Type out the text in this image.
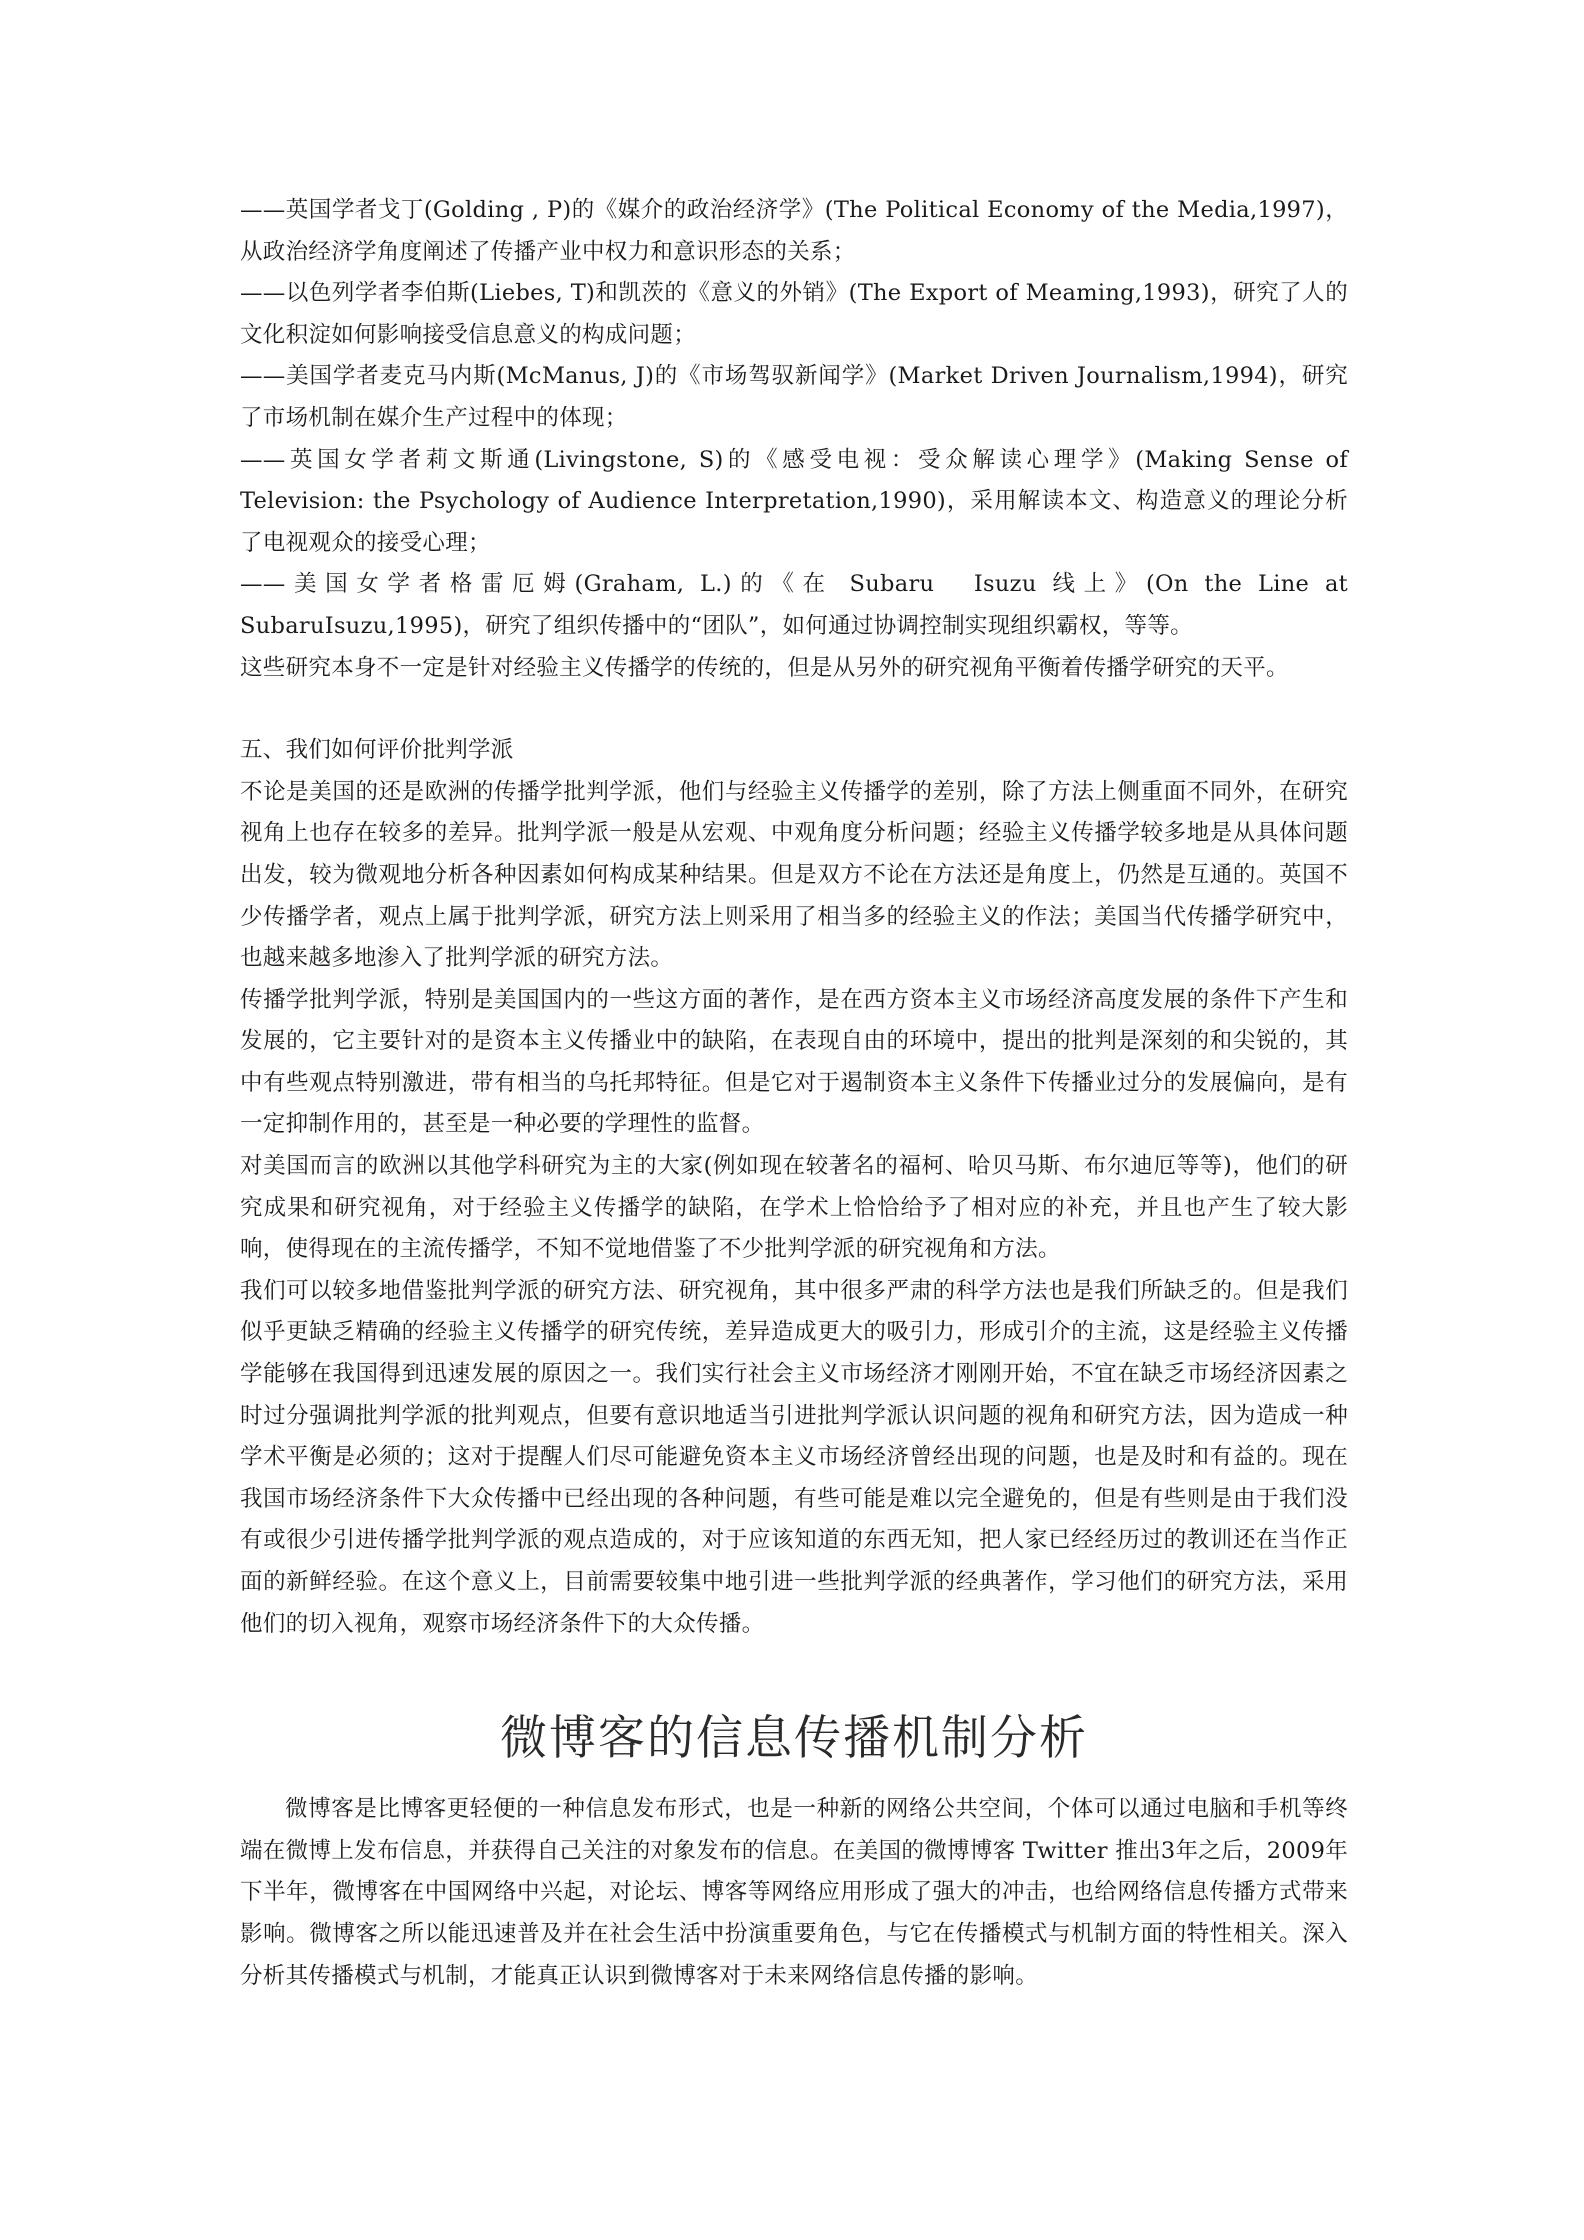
——英国学者戈丁(Golding , P)的《媒介的政治经济学》(The Political Economy of the Media,1997)，从政治经济学角度阐述了传播产业中权力和意识形态的关系；

——以色列学者李伯斯(Liebes, T)和凯茨的《意义的外销》(The Export of Meaming,1993)，研究了人的文化积淀如何影响接受信息意义的构成问题；

——美国学者麦克马内斯(McManus, J)的《市场驾驭新闻学》(Market Driven Journalism,1994)，研究了市场机制在媒介生产过程中的体现；

——英国女学者莉文斯通(Livingstone, S)的《感受电视：受众解读心理学》(Making Sense of Television: the Psychology of Audience Interpretation,1990)，采用解读本文、构造意义的理论分析了电视观众的接受心理；

——美国女学者格雷厄姆(Graham, L.)的《在 Subaru　Isuzu 线上》(On the Line at SubaruIsuzu,1995)，研究了组织传播中的“团队”，如何通过协调控制实现组织霸权，等等。

这些研究本身不一定是针对经验主义传播学的传统的，但是从另外的研究视角平衡着传播学研究的天平。

五、我们如何评价批判学派

不论是美国的还是欧洲的传播学批判学派，他们与经验主义传播学的差别，除了方法上侧重面不同外，在研究视角上也存在较多的差异。批判学派一般是从宏观、中观角度分析问题；经验主义传播学较多地是从具体问题出发，较为微观地分析各种因素如何构成某种结果。但是双方不论在方法还是角度上，仍然是互通的。英国不少传播学者，观点上属于批判学派，研究方法上则采用了相当多的经验主义的作法；美国当代传播学研究中，也越来越多地渗入了批判学派的研究方法。

传播学批判学派，特别是美国国内的一些这方面的著作，是在西方资本主义市场经济高度发展的条件下产生和发展的，它主要针对的是资本主义传播业中的缺陷，在表现自由的环境中，提出的批判是深刻的和尖锐的，其中有些观点特别激进，带有相当的乌托邦特征。但是它对于遏制资本主义条件下传播业过分的发展偏向，是有一定抑制作用的，甚至是一种必要的学理性的监督。

对美国而言的欧洲以其他学科研究为主的大家(例如现在较著名的福柯、哈贝马斯、布尔迪厄等等)，他们的研究成果和研究视角，对于经验主义传播学的缺陷，在学术上恰恰给予了相对应的补充，并且也产生了较大影响，使得现在的主流传播学，不知不觉地借鉴了不少批判学派的研究视角和方法。

我们可以较多地借鉴批判学派的研究方法、研究视角，其中很多严肃的科学方法也是我们所缺乏的。但是我们似乎更缺乏精确的经验主义传播学的研究传统，差异造成更大的吸引力，形成引介的主流，这是经验主义传播学能够在我国得到迅速发展的原因之一。我们实行社会主义市场经济才刚刚开始，不宜在缺乏市场经济因素之时过分强调批判学派的批判观点，但要有意识地适当引进批判学派认识问题的视角和研究方法，因为造成一种学术平衡是必须的；这对于提醒人们尽可能避免资本主义市场经济曾经出现的问题，也是及时和有益的。现在我国市场经济条件下大众传播中已经出现的各种问题，有些可能是难以完全避免的，但是有些则是由于我们没有或很少引进传播学批判学派的观点造成的，对于应该知道的东西无知，把人家已经经历过的教训还在当作正面的新鲜经验。在这个意义上，目前需要较集中地引进一些批判学派的经典著作，学习他们的研究方法，采用他们的切入视角，观察市场经济条件下的大众传播。

微博客的信息传播机制分析

微博客是比博客更轻便的一种信息发布形式，也是一种新的网络公共空间，个体可以通过电脑和手机等终端在微博上发布信息，并获得自己关注的对象发布的信息。在美国的微博博客 Twitter 推出3年之后，2009年下半年，微博客在中国网络中兴起，对论坛、博客等网络应用形成了强大的冲击，也给网络信息传播方式带来影响。微博客之所以能迅速普及并在社会生活中扮演重要角色，与它在传播模式与机制方面的特性相关。深入分析其传播模式与机制，才能真正认识到微博客对于未来网络信息传播的影响。
